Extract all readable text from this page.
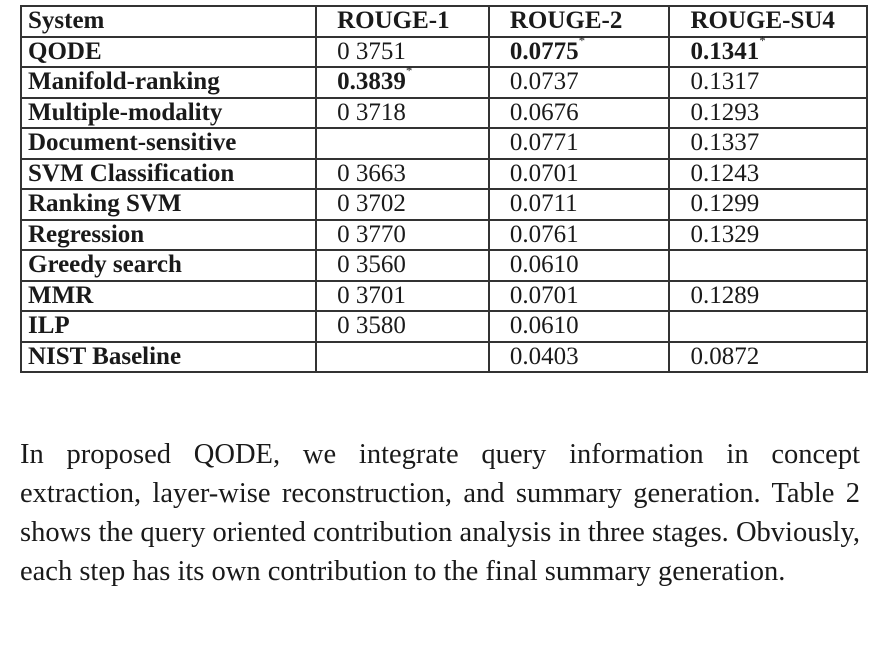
System	ROUGE-1	ROUGE-2	ROUGE-SU4
QODE	0 3751	0.0775*	0.1341*
Manifold-ranking	0.3839*	0.0737	0.1317
Multiple-modality	0 3718	0.0676	0.1293
Document-sensitive		0.0771	0.1337
SVM Classification	0 3663	0.0701	0.1243
Ranking SVM	0 3702	0.0711	0.1299
Regression	0 3770	0.0761	0.1329
Greedy search	0 3560	0.0610	
MMR	0 3701	0.0701	0.1289
ILP	0 3580	0.0610	
NIST Baseline		0.0403	0.0872
In proposed QODE, we integrate query information in concept extraction, layer-wise reconstruction, and summary generation. Table 2 shows the query oriented contribution analysis in three stages. Obviously, each step has its own contribution to the final summary generation.
